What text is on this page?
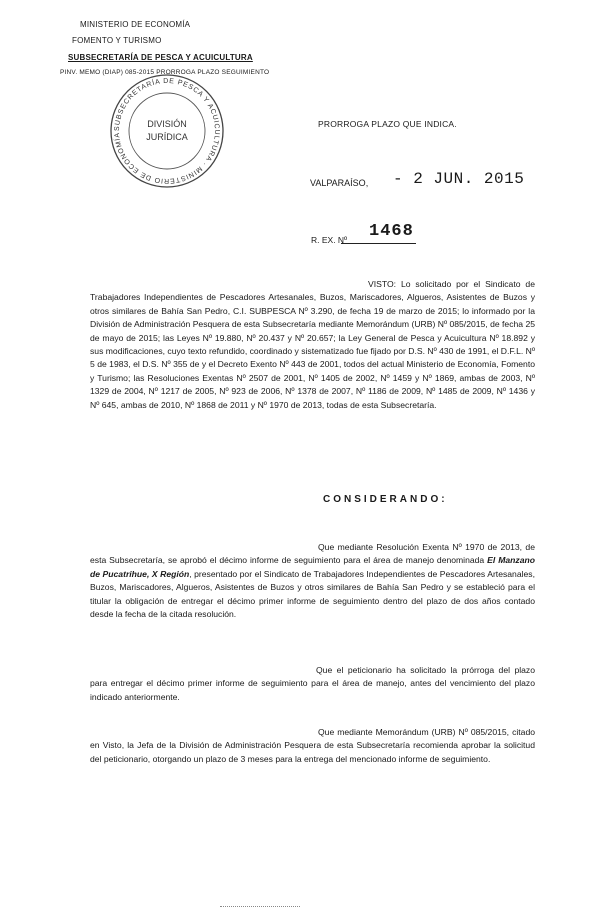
MINISTERIO DE ECONOMÍA
FOMENTO Y TURISMO
SUBSECRETARÍA DE PESCA Y ACUICULTURA
PINV. MEMO (DIAP) 085-2015 PRORROGA PLAZO SEGUIMIENTO
SUBSECRETARÍA DE PESCA Y ACUICULTURA · MINISTERIO DE ECONOMÍA
DIVISIÓN
JURÍDICA
PRORROGA PLAZO QUE INDICA.
VALPARAÍSO, - 2 JUN. 2015
R. EX. Nº 1468
VISTO: Lo solicitado por el Sindicato de Trabajadores Independientes de Pescadores Artesanales, Buzos, Mariscadores, Algueros, Asistentes de Buzos y otros similares de Bahía San Pedro, C.I. SUBPESCA Nº 3.290, de fecha 19 de marzo de 2015; lo informado por la División de Administración Pesquera de esta Subsecretaría mediante Memorándum (URB) Nº 085/2015, de fecha 25 de mayo de 2015; las Leyes Nº 19.880, Nº 20.437 y Nº 20.657; la Ley General de Pesca y Acuicultura Nº 18.892 y sus modificaciones, cuyo texto refundido, coordinado y sistematizado fue fijado por D.S. Nº 430 de 1991, el D.F.L. Nº 5 de 1983, el D.S. Nº 355 de y el Decreto Exento Nº 443 de 2001, todos del actual Ministerio de Economía, Fomento y Turismo; las Resoluciones Exentas Nº 2507 de 2001, Nº 1405 de 2002, Nº 1459 y Nº 1869, ambas de 2003, Nº 1329 de 2004, Nº 1217 de 2005, Nº 923 de 2006, Nº 1378 de 2007, Nº 1186 de 2009, Nº 1485 de 2009, Nº 1436 y Nº 645, ambas de 2010, Nº 1868 de 2011 y Nº 1970 de 2013, todas de esta Subsecretaría.
CONSIDERANDO:
Que mediante Resolución Exenta Nº 1970 de 2013, de esta Subsecretaría, se aprobó el décimo informe de seguimiento para el área de manejo denominada El Manzano de Pucatrihue, X Región, presentado por el Sindicato de Trabajadores Independientes de Pescadores Artesanales, Buzos, Mariscadores, Algueros, Asistentes de Buzos y otros similares de Bahía San Pedro y se estableció para el titular la obligación de entregar el décimo primer informe de seguimiento dentro del plazo de dos años contado desde la fecha de la citada resolución.
Que el peticionario ha solicitado la prórroga del plazo para entregar el décimo primer informe de seguimiento para el área de manejo, antes del vencimiento del plazo indicado anteriormente.
Que mediante Memorándum (URB) Nº 085/2015, citado en Visto, la Jefa de la División de Administración Pesquera de esta Subsecretaría recomienda aprobar la solicitud del peticionario, otorgando un plazo de 3 meses para la entrega del mencionado informe de seguimiento.
